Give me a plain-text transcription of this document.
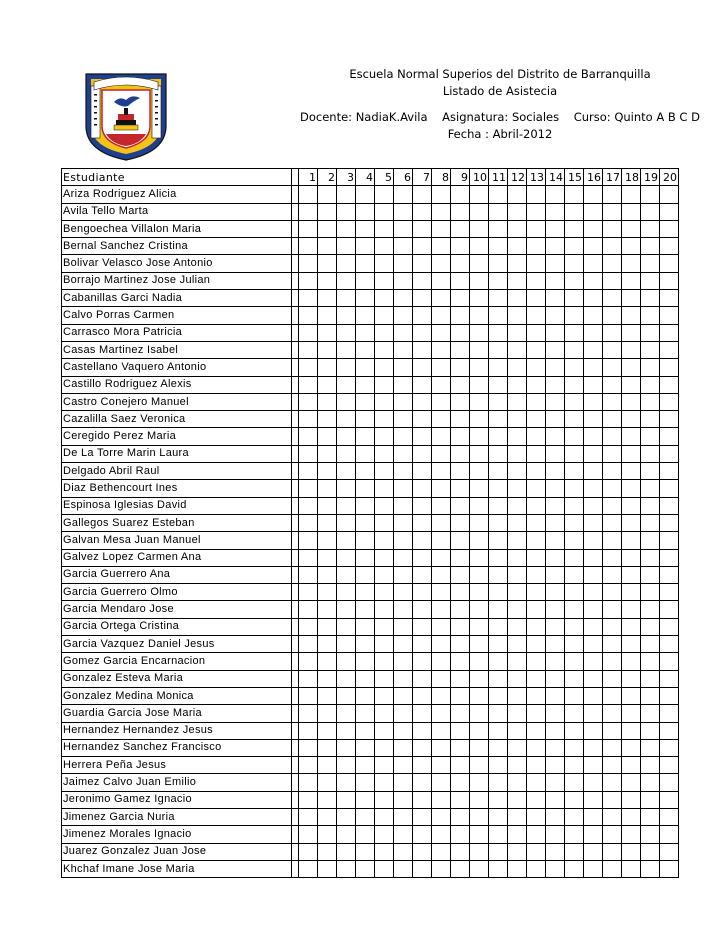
Escuela Normal Superios del Distrito de Barranquilla
Listado de Asistecia
Docente: NadiaK.Avila    Asignatura: Sociales    Curso: Quinto A B C D
Fecha : Abril-2012
Estudiante		1	2	3	4	5	6	7	8	9	10	11	12	13	14	15	16	17	18	19	20
Ariza Rodriguez Alicia																					
Avila Tello Marta																					
Bengoechea Villalon Maria																					
Bernal Sanchez Cristina																					
Bolivar Velasco Jose Antonio																					
Borrajo Martinez Jose Julian																					
Cabanillas Garci Nadia																					
Calvo Porras Carmen																					
Carrasco Mora Patricia																					
Casas Martinez Isabel																					
Castellano Vaquero Antonio																					
Castillo Rodriguez Alexis																					
Castro Conejero Manuel																					
Cazalilla Saez Veronica																					
Ceregido Perez Maria																					
De La Torre Marin Laura																					
Delgado Abril Raul																					
Diaz Bethencourt Ines																					
Espinosa Iglesias David																					
Gallegos Suarez Esteban																					
Galvan Mesa Juan Manuel																					
Galvez Lopez Carmen Ana																					
Garcia Guerrero Ana																					
Garcia Guerrero Olmo																					
Garcia Mendaro Jose																					
Garcia Ortega Cristina																					
Garcia Vazquez Daniel Jesus																					
Gomez Garcia Encarnacion																					
Gonzalez Esteva Maria																					
Gonzalez Medina Monica																					
Guardia Garcia Jose Maria																					
Hernandez Hernandez Jesus																					
Hernandez Sanchez Francisco																					
Herrera Peña Jesus																					
Jaimez Calvo Juan Emilio																					
Jeronimo Gamez Ignacio																					
Jimenez Garcia Nuria																					
Jimenez Morales Ignacio																					
Juarez Gonzalez Juan Jose																					
Khchaf Imane Jose Maria																					
